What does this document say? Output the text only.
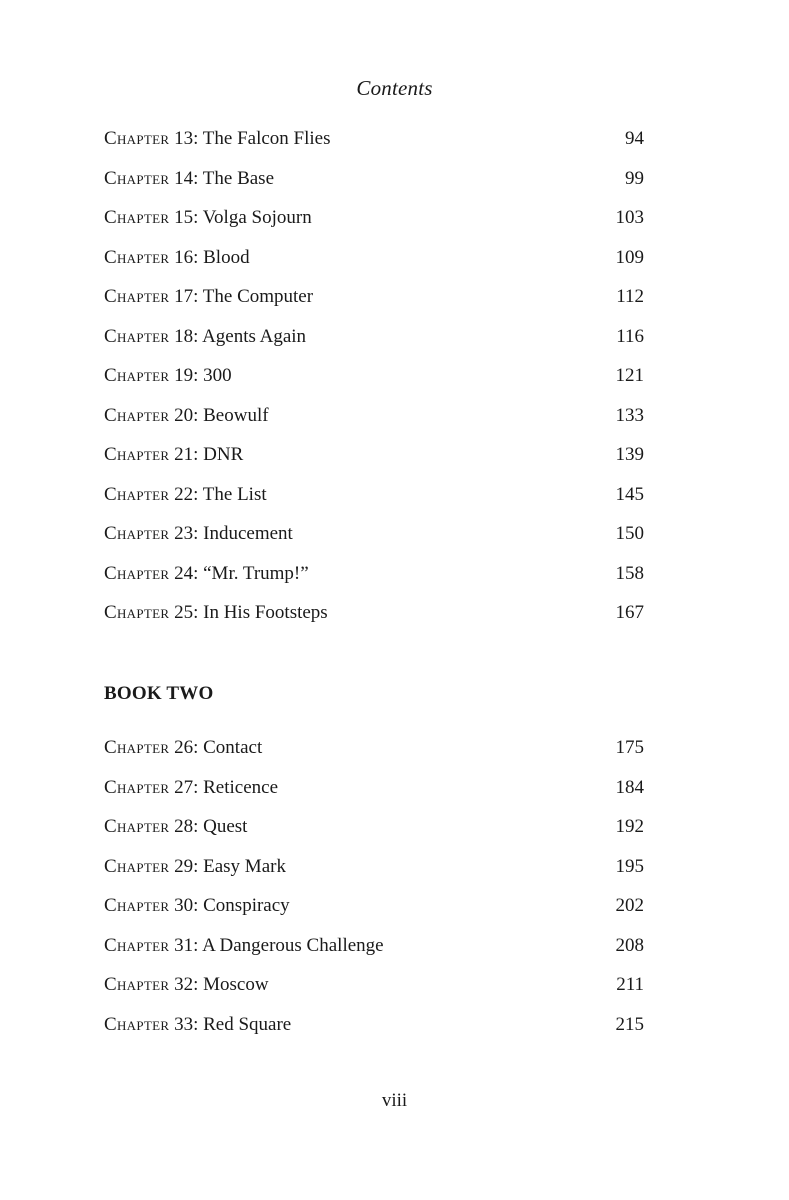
Contents
Chapter 13: The Falcon Flies	94
Chapter 14: The Base	99
Chapter 15: Volga Sojourn	103
Chapter 16: Blood	109
Chapter 17: The Computer	112
Chapter 18: Agents Again	116
Chapter 19: 300	121
Chapter 20: Beowulf	133
Chapter 21: DNR	139
Chapter 22: The List	145
Chapter 23: Inducement	150
Chapter 24: “Mr. Trump!”	158
Chapter 25: In His Footsteps	167
BOOK TWO
Chapter 26: Contact	175
Chapter 27: Reticence	184
Chapter 28: Quest	192
Chapter 29: Easy Mark	195
Chapter 30: Conspiracy	202
Chapter 31: A Dangerous Challenge	208
Chapter 32: Moscow	211
Chapter 33: Red Square	215
viii
